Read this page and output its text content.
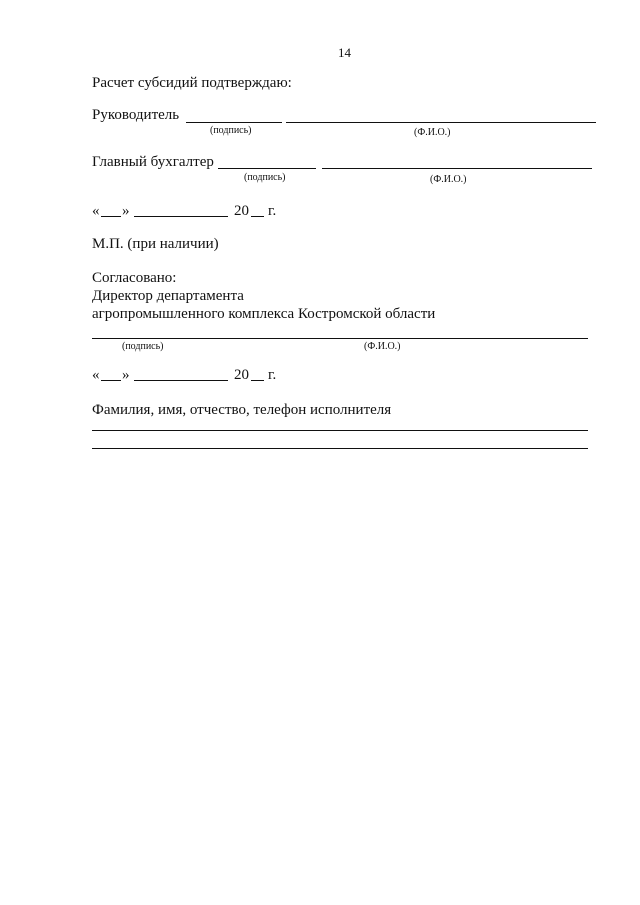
14
Расчет субсидий подтверждаю:
Руководитель
(подпись)	(Ф.И.О.)
Главный бухгалтер
(подпись)	(Ф.И.О.)
« »	20 г.
М.П. (при наличии)
Согласовано:
Директор департамента
агропромышленного комплекса Костромской области
(подпись)	(Ф.И.О.)
« »	20 г.
Фамилия, имя, отчество, телефон исполнителя
